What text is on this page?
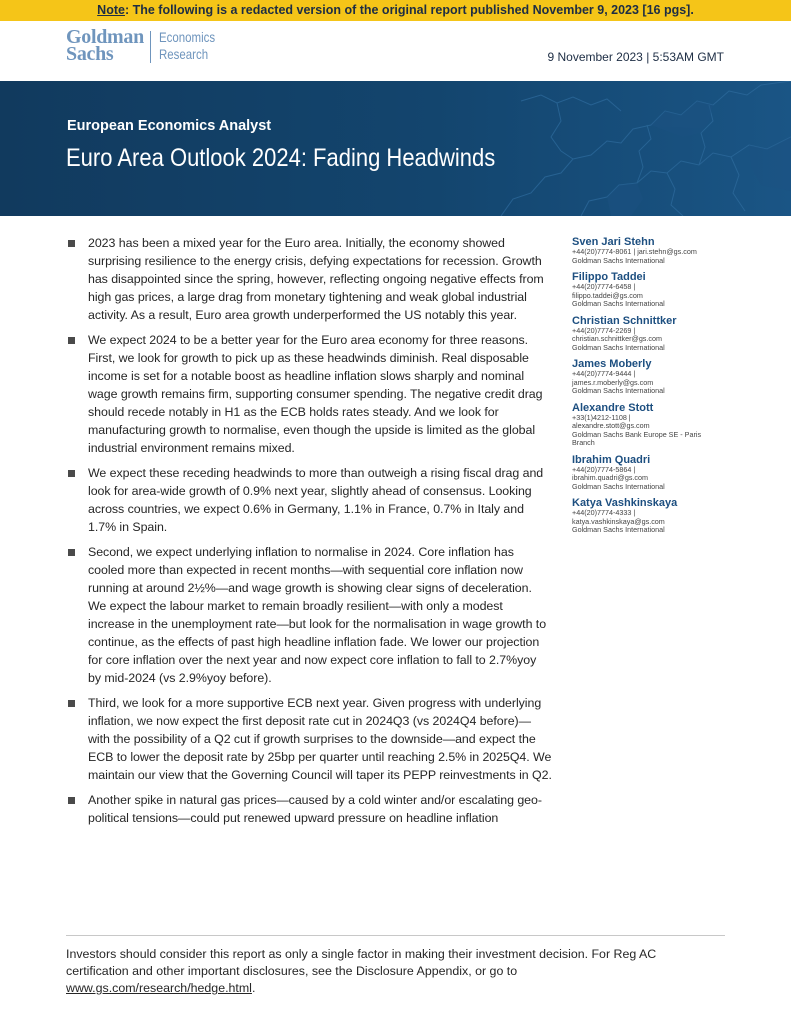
Note: The following is a redacted version of the original report published November 9, 2023 [16 pgs].
Goldman
Sachs
Economics
Research	9 November 2023 | 5:53AM GMT
European Economics Analyst
Euro Area Outlook 2024: Fading Headwinds

2023 has been a mixed year for the Euro area. Initially, the economy showed surprising resilience to the energy crisis, defying expectations for recession. Growth has disappointed since the spring, however, reflecting ongoing negative effects from high gas prices, a large drag from monetary tightening and weak global industrial activity. As a result, Euro area growth underperformed the US notably this year.

We expect 2024 to be a better year for the Euro area economy for three reasons. First, we look for growth to pick up as these headwinds diminish. Real disposable income is set for a notable boost as headline inflation slows sharply and nominal wage growth remains firm, supporting consumer spending. The negative credit drag should recede notably in H1 as the ECB holds rates steady. And we look for manufacturing growth to normalise, even though the upside is limited as the global industrial environment remains mixed.

We expect these receding headwinds to more than outweigh a rising fiscal drag and look for area-wide growth of 0.9% next year, slightly ahead of consensus. Looking across countries, we expect 0.6% in Germany, 1.1% in France, 0.7% in Italy and 1.7% in Spain.

Second, we expect underlying inflation to normalise in 2024. Core inflation has cooled more than expected in recent months—with sequential core inflation now running at around 2½%—and wage growth is showing clear signs of deceleration. We expect the labour market to remain broadly resilient—with only a modest increase in the unemployment rate—but look for the normalisation in wage growth to continue, as the effects of past high headline inflation fade. We lower our projection for core inflation over the next year and now expect core inflation to fall to 2.7%yoy by mid-2024 (vs 2.9%yoy before).

Third, we look for a more supportive ECB next year. Given progress with underlying inflation, we now expect the first deposit rate cut in 2024Q3 (vs 2024Q4 before)—with the possibility of a Q2 cut if growth surprises to the downside—and expect the ECB to lower the deposit rate by 25bp per quarter until reaching 2.5% in 2025Q4. We maintain our view that the Governing Council will taper its PEPP reinvestments in Q2.

Another spike in natural gas prices—caused by a cold winter and/or escalating geo-political tensions—could put renewed upward pressure on headline inflation

Sven Jari Stehn
+44(20)7774-8061 | jari.stehn@gs.com
Goldman Sachs International
Filippo Taddei
+44(20)7774-6458 |
filippo.taddei@gs.com
Goldman Sachs International
Christian Schnittker
+44(20)7774-2269 |
christian.schnittker@gs.com
Goldman Sachs International
James Moberly
+44(20)7774-9444 |
james.r.moberly@gs.com
Goldman Sachs International
Alexandre Stott
+33(1)4212-1108 |
alexandre.stott@gs.com
Goldman Sachs Bank Europe SE - Paris
Branch
Ibrahim Quadri
+44(20)7774-5864 |
ibrahim.quadri@gs.com
Goldman Sachs International
Katya Vashkinskaya
+44(20)7774-4333 |
katya.vashkinskaya@gs.com
Goldman Sachs International
Investors should consider this report as only a single factor in making their investment decision. For Reg AC certification and other important disclosures, see the Disclosure Appendix, or go to www.gs.com/research/hedge.html.
